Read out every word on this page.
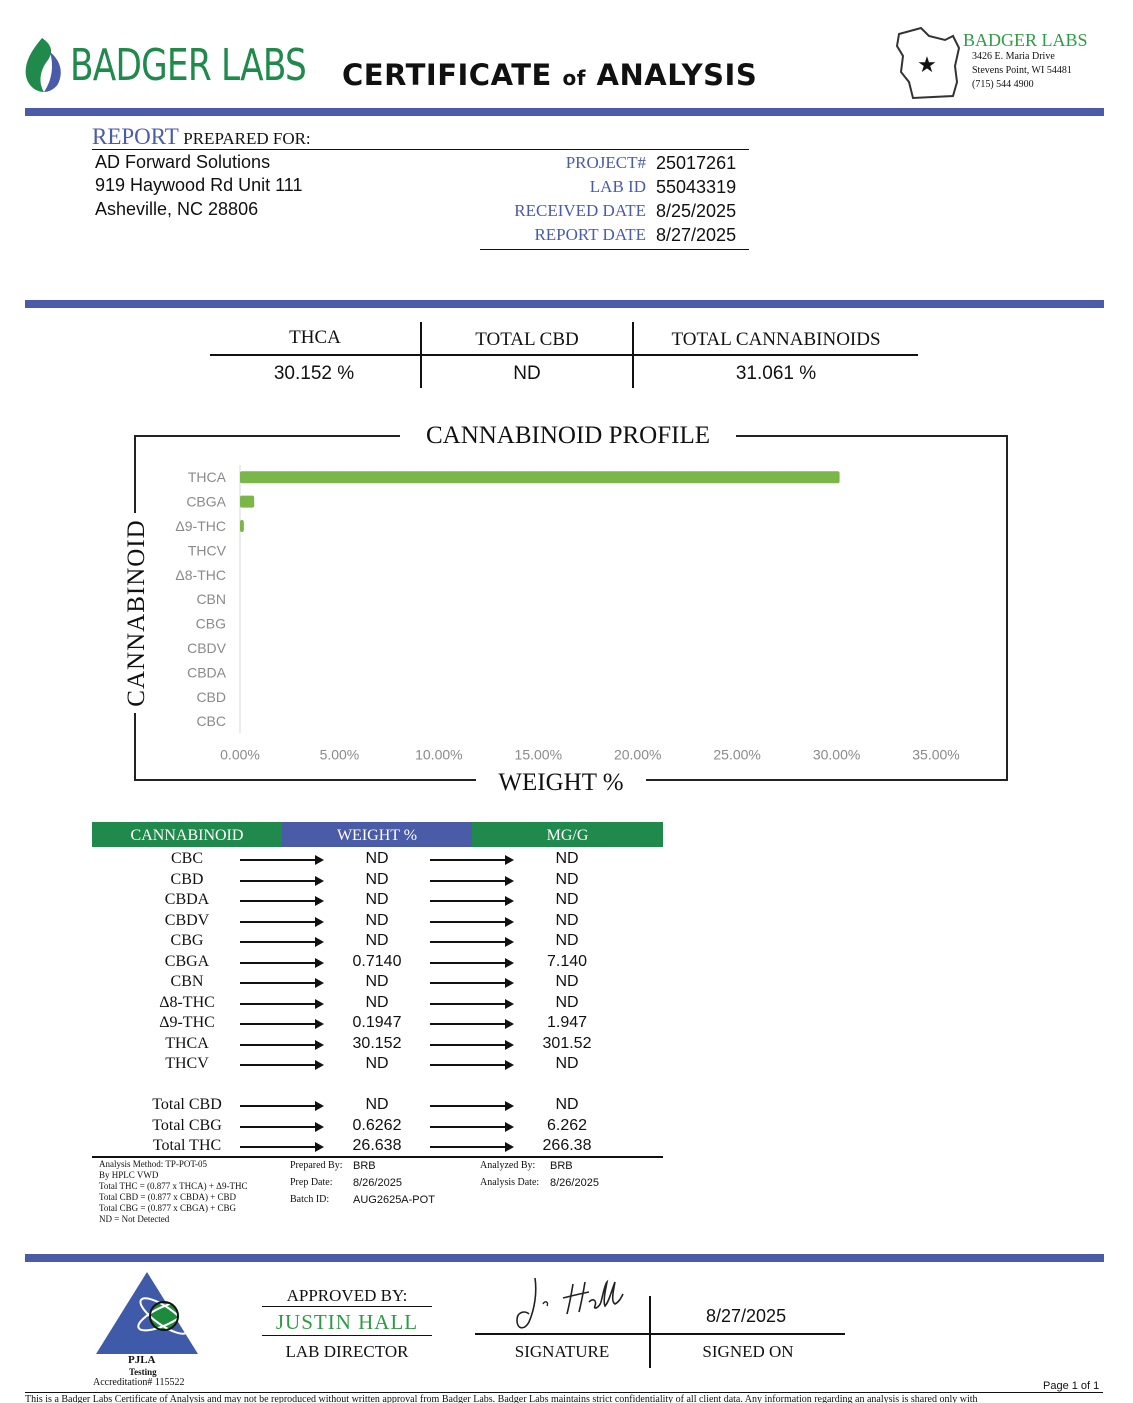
BADGER LABS CERTIFICATE of ANALYSIS	★
BADGER LABS
3426 E. Maria Drive
Stevens Point, WI 54481
(715) 544 4900
REPORT PREPARED FOR:
AD Forward Solutions
919 Haywood Rd Unit 111
Asheville, NC 28806
PROJECT# 25017261
LAB ID 55043319
RECEIVED DATE 8/25/2025
REPORT DATE 8/27/2025
THCA	TOTAL CBD	TOTAL CANNABINOIDS
30.152 %	ND	31.061 %
CANNABINOID PROFILE
WEIGHT %
CANNABINOID
THCA
CBGA
Δ9-THC
THCV
Δ8-THC
CBN
CBG
CBDV
CBDA
CBD
CBC
0.00%	5.00%	10.00%	15.00%	20.00%	25.00%	30.00%	35.00%
CANNABINOID	WEIGHT %	MG/G
CBC	ND	ND
CBD	ND	ND
CBDA	ND	ND
CBDV	ND	ND
CBG	ND	ND
CBGA	0.7140	7.140
CBN	ND	ND
Δ8-THC	ND	ND
Δ9-THC	0.1947	1.947
THCA	30.152	301.52
THCV	ND	ND
Total CBD	ND	ND
Total CBG	0.6262	6.262
Total THC	26.638	266.38
Analysis Method: TP-POT-05
By HPLC VWD
Total THC = (0.877 x THCA) + Δ9-THC
Total CBD = (0.877 x CBDA) + CBD
Total CBG = (0.877 x CBGA) + CBG
ND = Not Detected
Prepared By: BRB
Prep Date: 8/26/2025
Batch ID: AUG2625A-POT
Analyzed By: BRB
Analysis Date: 8/26/2025
PJLA
Testing
Accreditation# 115522
APPROVED BY:
JUSTIN HALL
LAB DIRECTOR
8/27/2025
SIGNATURE	SIGNED ON
Page 1 of 1
This is a Badger Labs Certificate of Analysis and may not be reproduced without written approval from Badger Labs. Badger Labs maintains strict confidentiality of all client data. Any information regarding an analysis is shared only with
